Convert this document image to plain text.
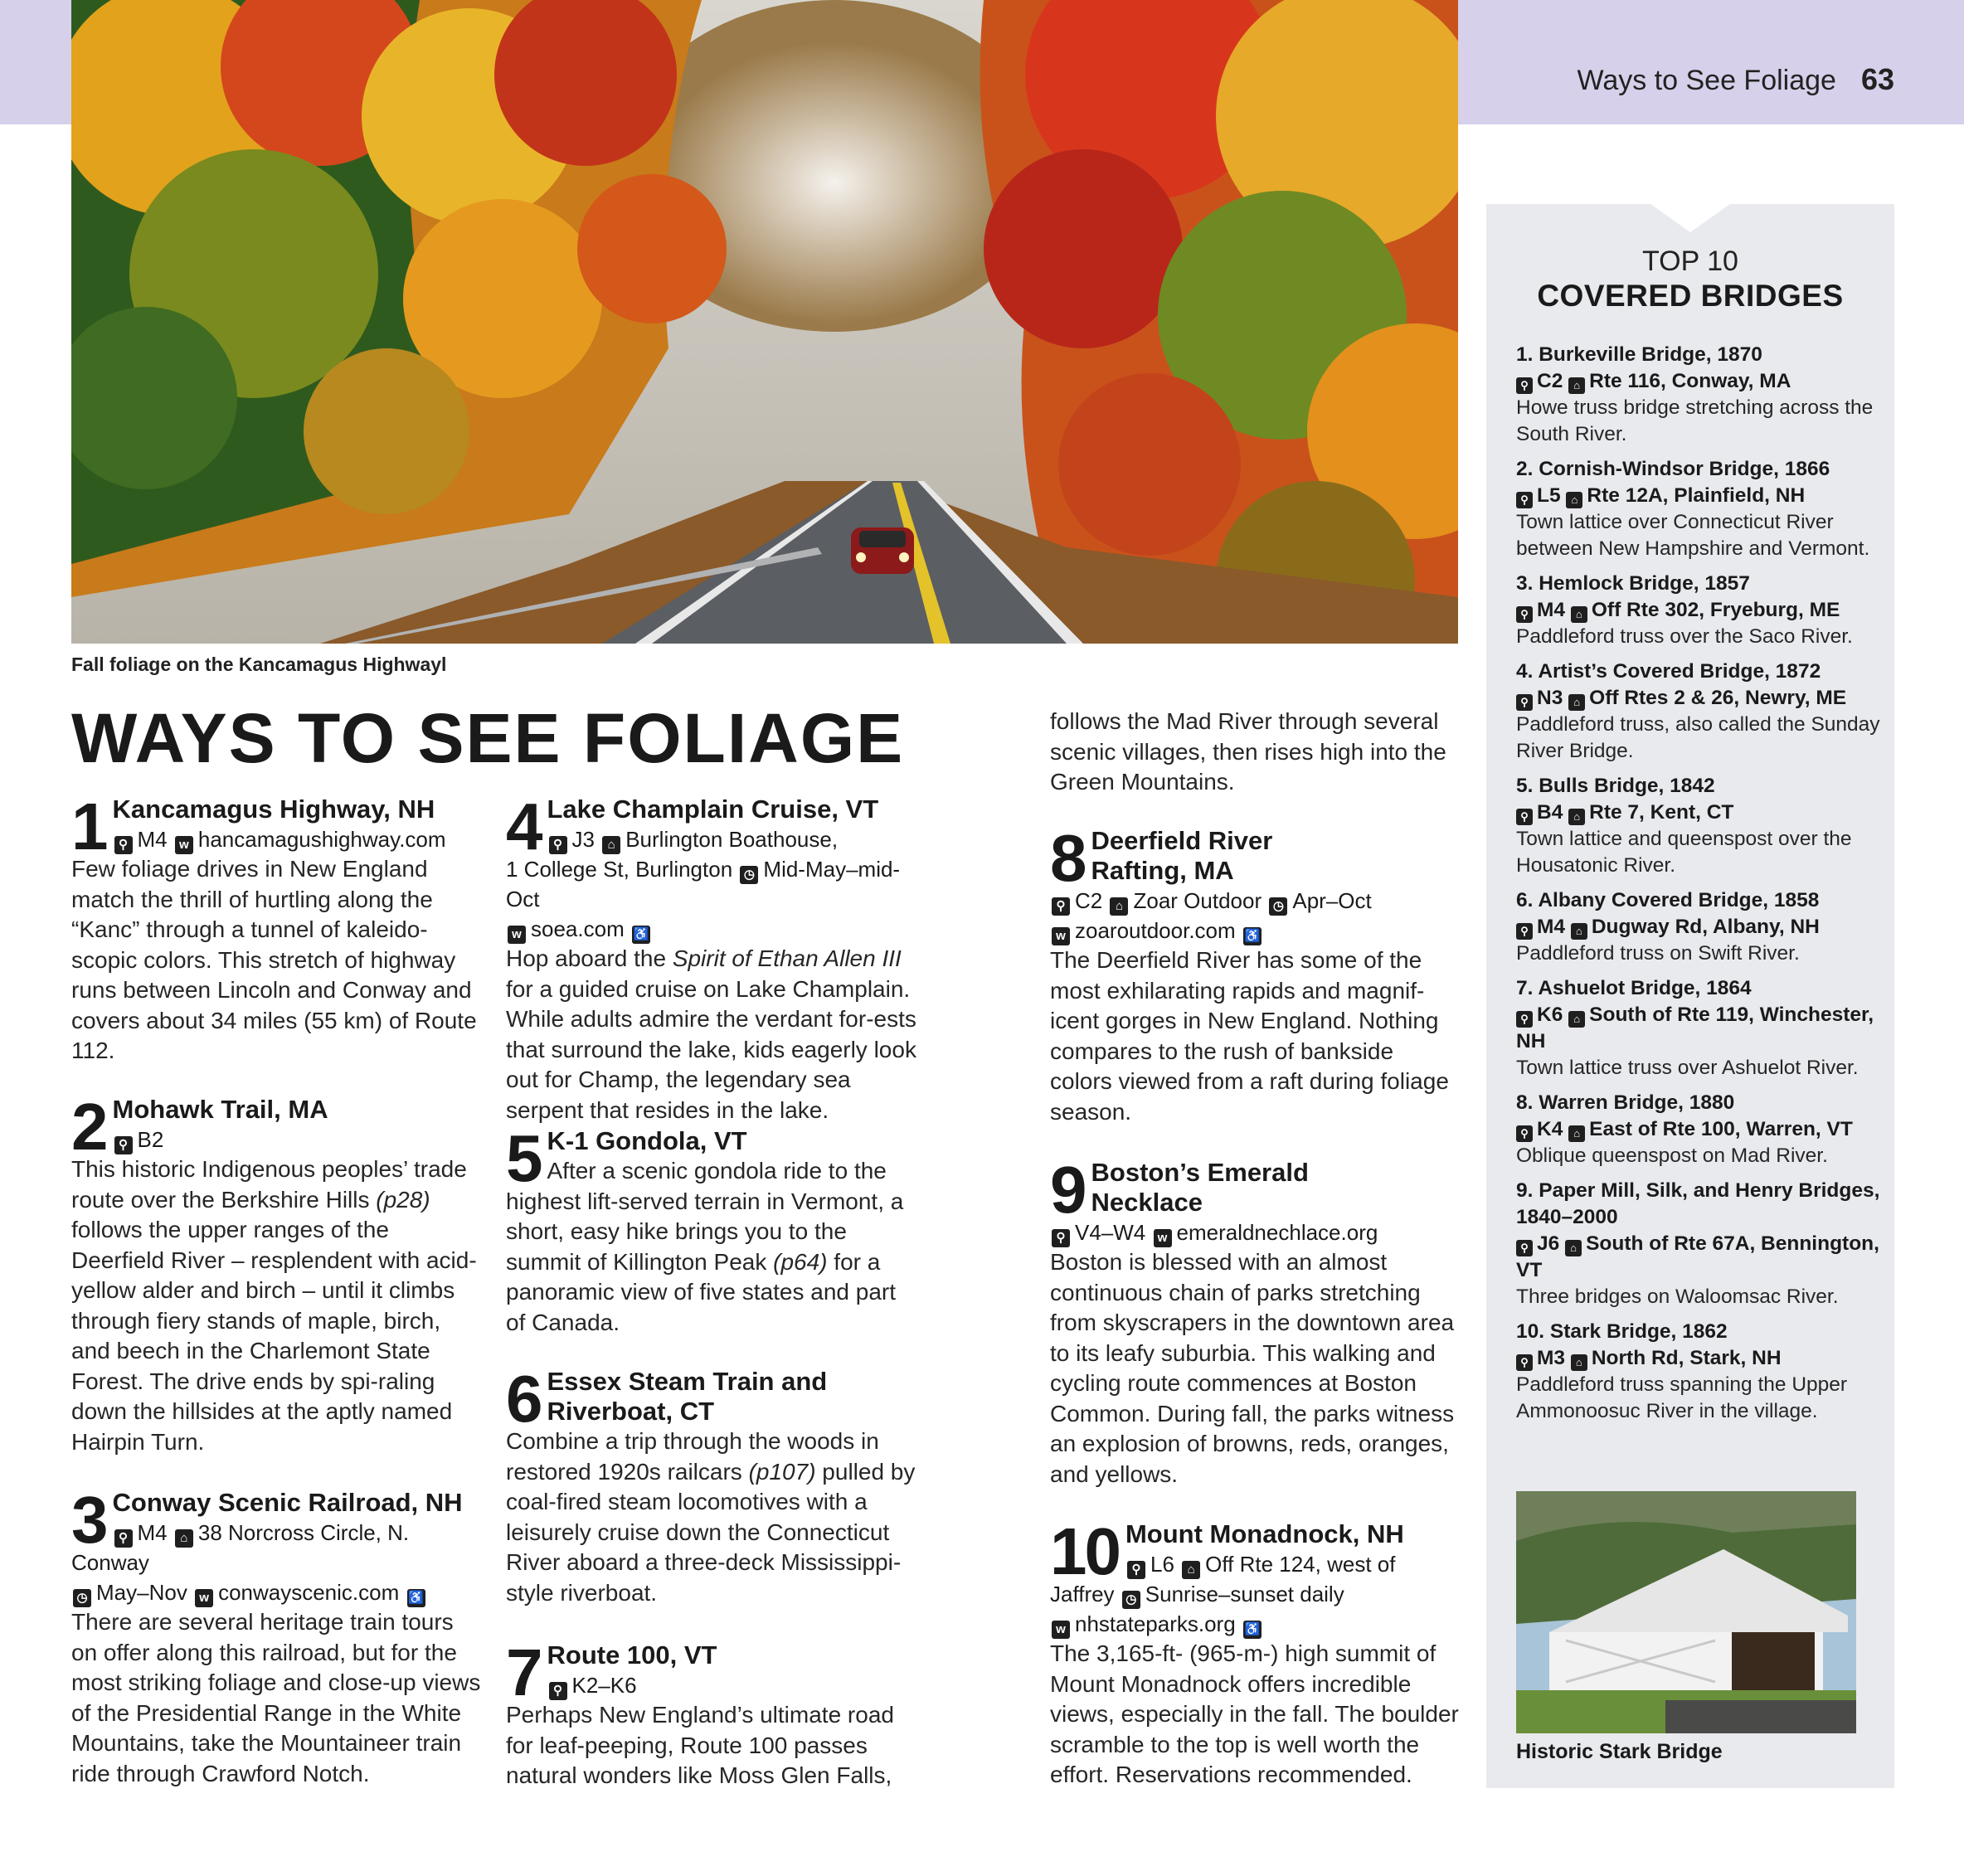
Ways to See Foliage 63
Fall foliage on the Kancamagus Highwayl
WAYS TO SEE FOLIAGE
1 Kancamagus Highway, NH
⚲ M4 w hancamagushighway.com

Few foliage drives in New England match the thrill of hurtling along the “Kanc” through a tunnel of kaleido-scopic colors. This stretch of highway runs between Lincoln and Conway and covers about 34 miles (55 km) of Route 112.

2 Mohawk Trail, MA
⚲ B2

This historic Indigenous peoples’ trade route over the Berkshire Hills (p28) follows the upper ranges of the Deerfield River – resplendent with acid-yellow alder and birch – until it climbs through fiery stands of maple, birch, and beech in the Charlemont State Forest. The drive ends by spi-raling down the hillsides at the aptly named Hairpin Turn.

3 Conway Scenic Railroad, NH
⚲ M4 ⌂ 38 Norcross Circle, N. Conway
◷ May–Nov w conwayscenic.com ♿

There are several heritage train tours on offer along this railroad, but for the most striking foliage and close-up views of the Presidential Range in the White Mountains, take the Mountaineer train ride through Crawford Notch.

4 Lake Champlain Cruise, VT
⚲ J3 ⌂ Burlington Boathouse,
1 College St, Burlington ◷ Mid-May–mid-Oct
w soea.com ♿

Hop aboard the Spirit of Ethan Allen III for a guided cruise on Lake Champlain. While adults admire the verdant for-ests that surround the lake, kids eagerly look out for Champ, the legendary sea serpent that resides in the lake.

5 K-1 Gondola, VT
After a scenic gondola ride to the

highest lift-served terrain in Vermont, a short, easy hike brings you to the summit of Killington Peak (p64) for a panoramic view of five states and part of Canada.

6 Essex Steam Train and Riverboat, CT

Combine a trip through the woods in restored 1920s railcars (p107) pulled by coal-fired steam locomotives with a leisurely cruise down the Connecticut River aboard a three-deck Mississippi-style riverboat.

7 Route 100, VT
⚲ K2–K6

Perhaps New England’s ultimate road for leaf-peeping, Route 100 passes natural wonders like Moss Glen Falls,

follows the Mad River through several scenic villages, then rises high into the Green Mountains.

8 Deerfield River Rafting, MA
⚲ C2 ⌂ Zoar Outdoor ◷ Apr–Oct
w zoaroutdoor.com ♿

The Deerfield River has some of the most exhilarating rapids and magnif-icent gorges in New England. Nothing compares to the rush of bankside colors viewed from a raft during foliage season.

9 Boston’s Emerald Necklace
⚲ V4–W4 w emeraldnechlace.org

Boston is blessed with an almost continuous chain of parks stretching from skyscrapers in the downtown area to its leafy suburbia. This walking and cycling route commences at Boston Common. During fall, the parks witness an explosion of browns, reds, oranges, and yellows.

10 Mount Monadnock, NH
⚲ L6 ⌂ Off Rte 124, west of
Jaffrey ◷ Sunrise–sunset daily
w nhstateparks.org ♿

The 3,165-ft- (965-m-) high summit of Mount Monadnock offers incredible views, especially in the fall. The boulder scramble to the top is well worth the effort. Reservations recommended.

TOP 10
COVERED BRIDGES
1. Burkeville Bridge, 1870
⚲ C2 ⌂ Rte 116, Conway, MA
Howe truss bridge stretching across the South River.
2. Cornish-Windsor Bridge, 1866
⚲ L5 ⌂ Rte 12A, Plainfield, NH
Town lattice over Connecticut River between New Hampshire and Vermont.
3. Hemlock Bridge, 1857
⚲ M4 ⌂ Off Rte 302, Fryeburg, ME
Paddleford truss over the Saco River.
4. Artist’s Covered Bridge, 1872
⚲ N3 ⌂ Off Rtes 2 & 26, Newry, ME
Paddleford truss, also called the Sunday River Bridge.
5. Bulls Bridge, 1842
⚲ B4 ⌂ Rte 7, Kent, CT
Town lattice and queenspost over the Housatonic River.
6. Albany Covered Bridge, 1858
⚲ M4 ⌂ Dugway Rd, Albany, NH
Paddleford truss on Swift River.
7. Ashuelot Bridge, 1864
⚲ K6 ⌂ South of Rte 119, Winchester, NH
Town lattice truss over Ashuelot River.
8. Warren Bridge, 1880
⚲ K4 ⌂ East of Rte 100, Warren, VT
Oblique queenspost on Mad River.
9. Paper Mill, Silk, and Henry Bridges, 1840–2000
⚲ J6 ⌂ South of Rte 67A, Bennington, VT
Three bridges on Waloomsac River.
10. Stark Bridge, 1862
⚲ M3 ⌂ North Rd, Stark, NH
Paddleford truss spanning the Upper Ammonoosuc River in the village.
Historic Stark Bridge
